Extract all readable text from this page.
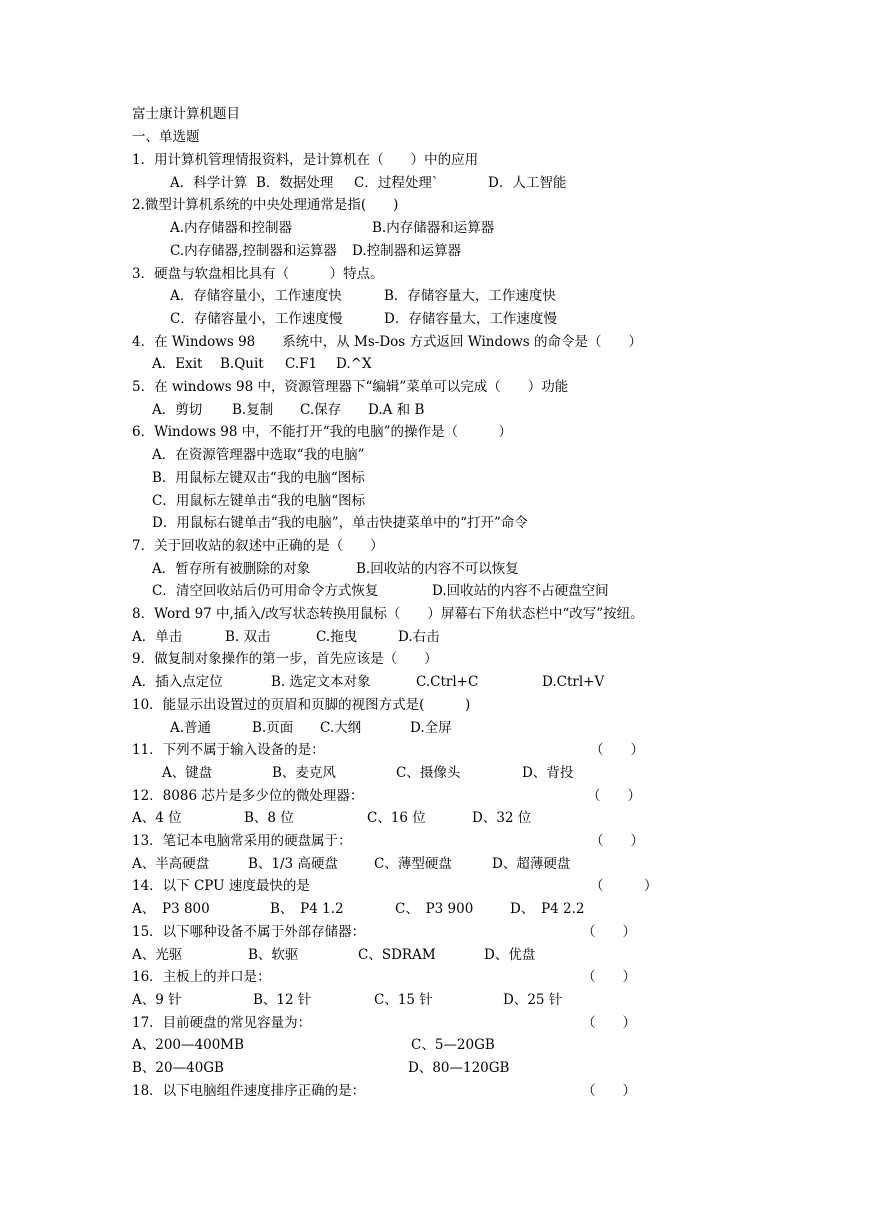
富士康计算机题目
一、单选题
1．用计算机管理情报资料，是计算机在（　　）中的应用
A．科学计算 B．数据处理 C．过程处理`	D．人工智能
2.微型计算机系统的中央处理通常是指(　　)
A.内存储器和控制器	B.内存储器和运算器
C.内存储器,控制器和运算器 D.控制器和运算器
3．硬盘与软盘相比具有（　　　）特点。
A．存储容量小，工作速度快	B．存储容量大，工作速度快
C．存储容量小，工作速度慢	D．存储容量大，工作速度慢
4．在 Windows 98　　系统中，从 Ms-Dos 方式返回 Windows 的命令是（　　）
A．Exit B.Quit C.F1 D.^X
5．在 windows 98 中，资源管理器下“编辑”菜单可以完成（　　）功能
A．剪切 B.复制 C.保存 D.A 和 B
6．Windows 98 中，不能打开“我的电脑”的操作是（　　　）
A．在资源管理器中选取“我的电脑”
B．用鼠标左键双击“我的电脑“图标
C．用鼠标左键单击“我的电脑“图标
D．用鼠标右键单击“我的电脑”，单击快捷菜单中的“打开”命令
7．关于回收站的叙述中正确的是（　　）
A．暂存所有被删除的对象	B.回收站的内容不可以恢复
C．清空回收站后仍可用命令方式恢复	D.回收站的内容不占硬盘空间
8．Word 97 中,插入/改写状态转换用鼠标（　　）屏幕右下角状态栏中“改写”按纽。
A．单击	B. 双击	C.拖曳	D.右击
9．做复制对象操作的第一步，首先应该是（　　）
A．插入点定位	B. 选定文本对象	C.Ctrl+C	D.Ctrl+V
10．能显示出设置过的页眉和页脚的视图方式是(　　　)
A.普通	B.页面 C.大纲	D.全屏
11．下列不属于输入设备的是：	（　　）
A、键盘	B、麦克风	C、摄像头	D、背投
12．8086 芯片是多少位的微处理器：	（　　）
A、4 位	B、8 位	C、16 位	D、32 位
13．笔记本电脑常采用的硬盘属于：	（　　）
A、半高硬盘	B、1/3 高硬盘	C、薄型硬盘	D、超薄硬盘
14．以下 CPU 速度最快的是	（　　　）
A、　P3 800	B、　P4 1.2	C、　P3 900	D、　P4 2.2
15．以下哪种设备不属于外部存储器：	（　　）
A、光驱	B、软驱	C、SDRAM	D、优盘
16．主板上的并口是：	（　　）
A、9 针	B、12 针	C、15 针	D、25 针
17．目前硬盘的常见容量为：	（　　）
A、200—400MB	C、5—20GB
B、20—40GB	D、80—120GB
18．以下电脑组件速度排序正确的是：	（　　）
